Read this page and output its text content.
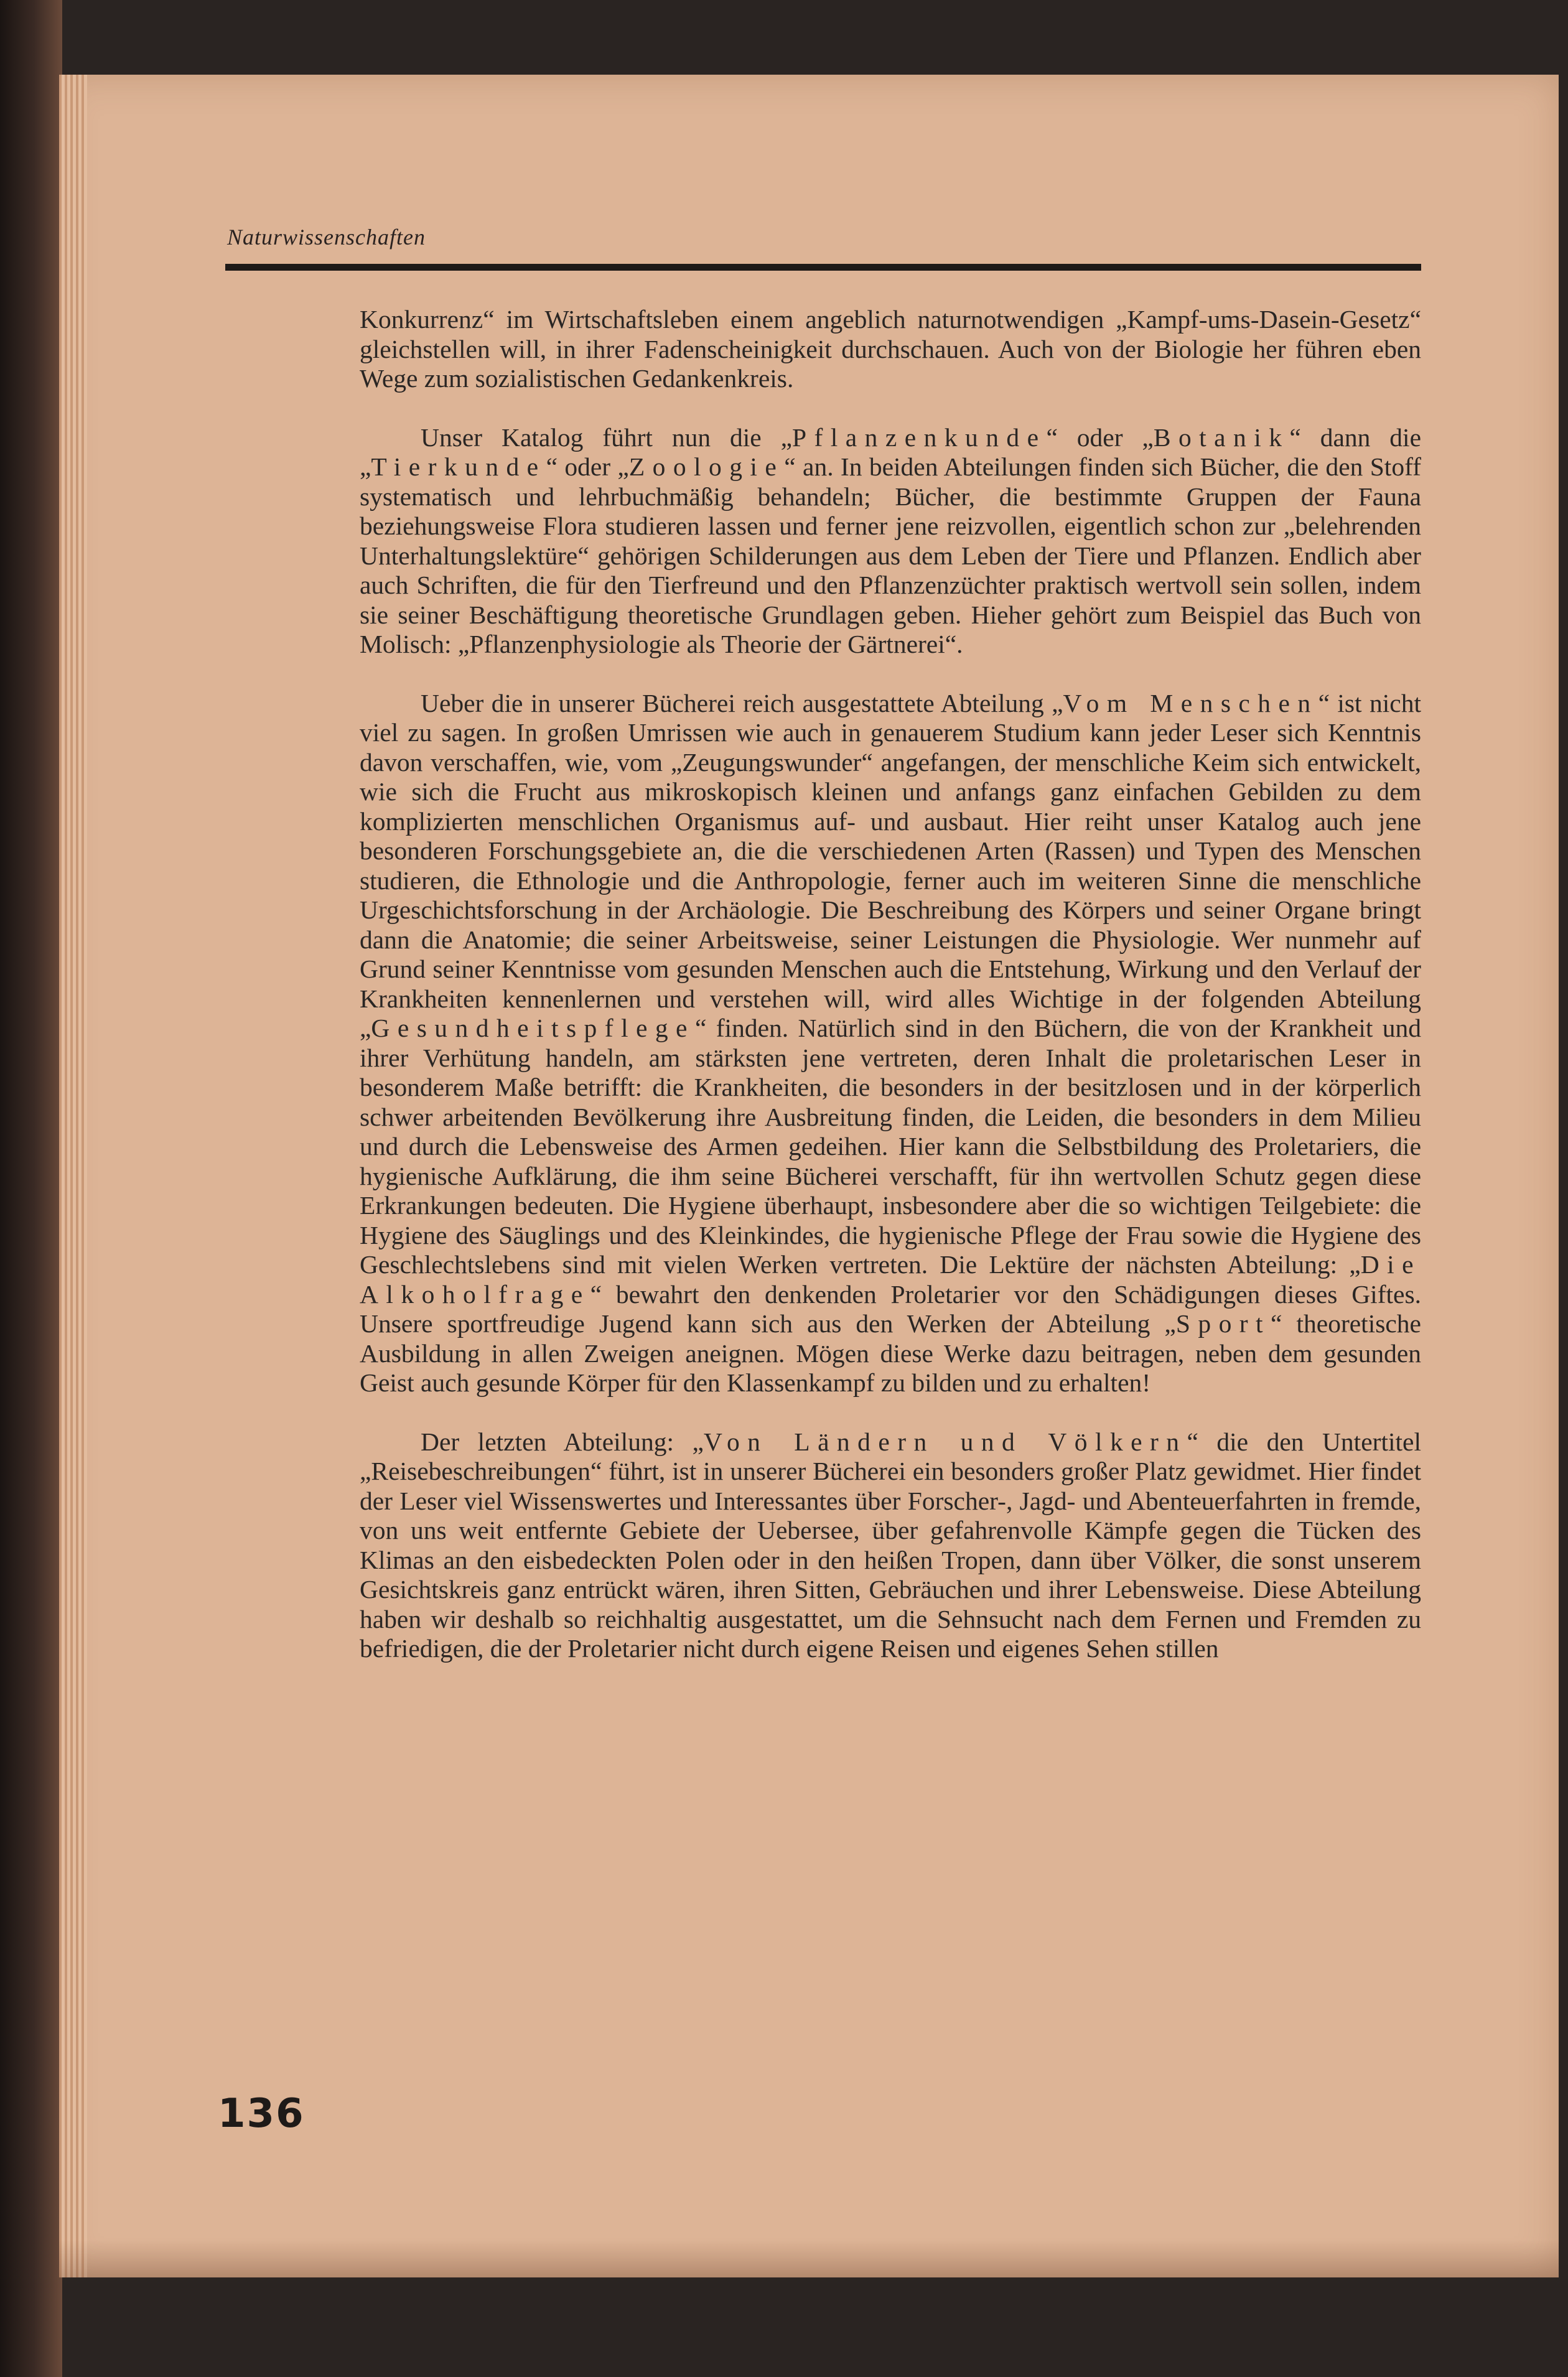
Naturwissenschaften

Konkurrenz“ im Wirtschaftsleben einem angeblich naturnotwendigen „Kampf-ums-Dasein-Gesetz“ gleichstellen will, in ihrer Fadenscheinigkeit durchschauen. Auch von der Biologie her führen eben Wege zum sozialistischen Gedankenkreis.

Unser Katalog führt nun die „Pflanzenkunde“ oder „Botanik“ dann die „Tierkunde“ oder „Zoologie“ an. In beiden Abteilungen finden sich Bücher, die den Stoff systematisch und lehrbuchmäßig behandeln; Bücher, die bestimmte Gruppen der Fauna beziehungsweise Flora studieren lassen und ferner jene reizvollen, eigentlich schon zur „belehrenden Unterhaltungslektüre“ gehörigen Schilderungen aus dem Leben der Tiere und Pflanzen. Endlich aber auch Schriften, die für den Tierfreund und den Pflanzenzüchter praktisch wertvoll sein sollen, indem sie seiner Beschäftigung theoretische Grundlagen geben. Hieher gehört zum Beispiel das Buch von Molisch: „Pflanzenphysiologie als Theorie der Gärtnerei“.

Ueber die in unserer Bücherei reich ausgestattete Abteilung „Vom Menschen“ ist nicht viel zu sagen. In großen Umrissen wie auch in genauerem Studium kann jeder Leser sich Kenntnis davon verschaffen, wie, vom „Zeugungswunder“ angefangen, der menschliche Keim sich entwickelt, wie sich die Frucht aus mikroskopisch kleinen und anfangs ganz einfachen Gebilden zu dem komplizierten menschlichen Organismus auf- und ausbaut. Hier reiht unser Katalog auch jene besonderen Forschungsgebiete an, die die verschiedenen Arten (Rassen) und Typen des Menschen studieren, die Ethnologie und die Anthropologie, ferner auch im weiteren Sinne die menschliche Urgeschichtsforschung in der Archäologie. Die Beschreibung des Körpers und seiner Organe bringt dann die Anatomie; die seiner Arbeitsweise, seiner Leistungen die Physiologie. Wer nunmehr auf Grund seiner Kenntnisse vom gesunden Menschen auch die Entstehung, Wirkung und den Verlauf der Krankheiten kennenlernen und verstehen will, wird alles Wichtige in der folgenden Abteilung „Gesundheitspflege“ finden. Natürlich sind in den Büchern, die von der Krankheit und ihrer Verhütung handeln, am stärksten jene vertreten, deren Inhalt die proletarischen Leser in besonderem Maße betrifft: die Krankheiten, die besonders in der besitzlosen und in der körperlich schwer arbeitenden Bevölkerung ihre Ausbreitung finden, die Leiden, die besonders in dem Milieu und durch die Lebensweise des Armen gedeihen. Hier kann die Selbstbildung des Proletariers, die hygienische Aufklärung, die ihm seine Bücherei verschafft, für ihn wertvollen Schutz gegen diese Erkrankungen bedeuten. Die Hygiene überhaupt, insbesondere aber die so wichtigen Teilgebiete: die Hygiene des Säuglings und des Kleinkindes, die hygienische Pflege der Frau sowie die Hygiene des Geschlechtslebens sind mit vielen Werken vertreten. Die Lektüre der nächsten Abteilung: „Die Alkoholfrage“ bewahrt den denkenden Proletarier vor den Schädigungen dieses Giftes. Unsere sportfreudige Jugend kann sich aus den Werken der Abteilung „Sport“ theoretische Ausbildung in allen Zweigen aneignen. Mögen diese Werke dazu beitragen, neben dem gesunden Geist auch gesunde Körper für den Klassenkampf zu bilden und zu erhalten!

Der letzten Abteilung: „Von Ländern und Völkern“ die den Untertitel „Reisebeschreibungen“ führt, ist in unserer Bücherei ein besonders großer Platz gewidmet. Hier findet der Leser viel Wissenswertes und Interessantes über Forscher-, Jagd- und Abenteuerfahrten in fremde, von uns weit entfernte Gebiete der Uebersee, über gefahrenvolle Kämpfe gegen die Tücken des Klimas an den eisbedeckten Polen oder in den heißen Tropen, dann über Völker, die sonst unserem Gesichtskreis ganz entrückt wären, ihren Sitten, Gebräuchen und ihrer Lebensweise. Diese Abteilung haben wir deshalb so reichhaltig ausgestattet, um die Sehnsucht nach dem Fernen und Fremden zu befriedigen, die der Proletarier nicht durch eigene Reisen und eigenes Sehen stillen

136
